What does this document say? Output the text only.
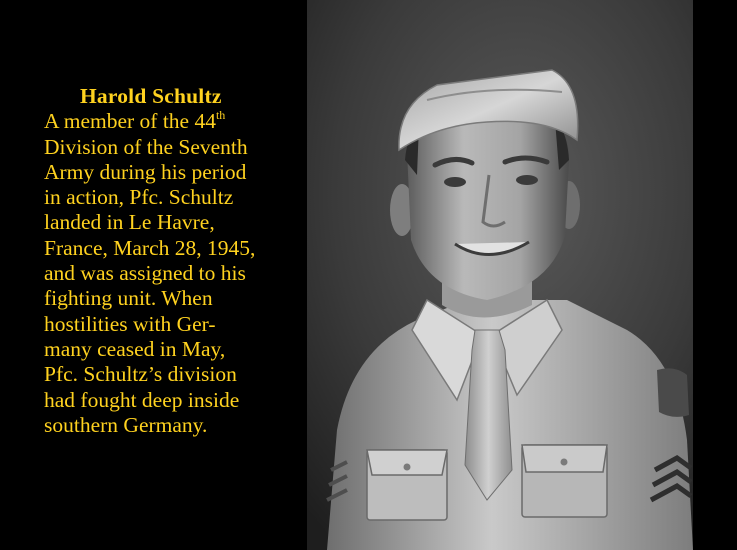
Harold Schultz
A member of the 44th
Division of the Seventh
Army during his period
in action, Pfc. Schultz
landed in Le Havre,
France, March 28, 1945,
and was assigned to his
fighting unit. When
hostilities with Ger-
many ceased in May,
Pfc. Schultz’s division
had fought deep inside
southern Germany.
